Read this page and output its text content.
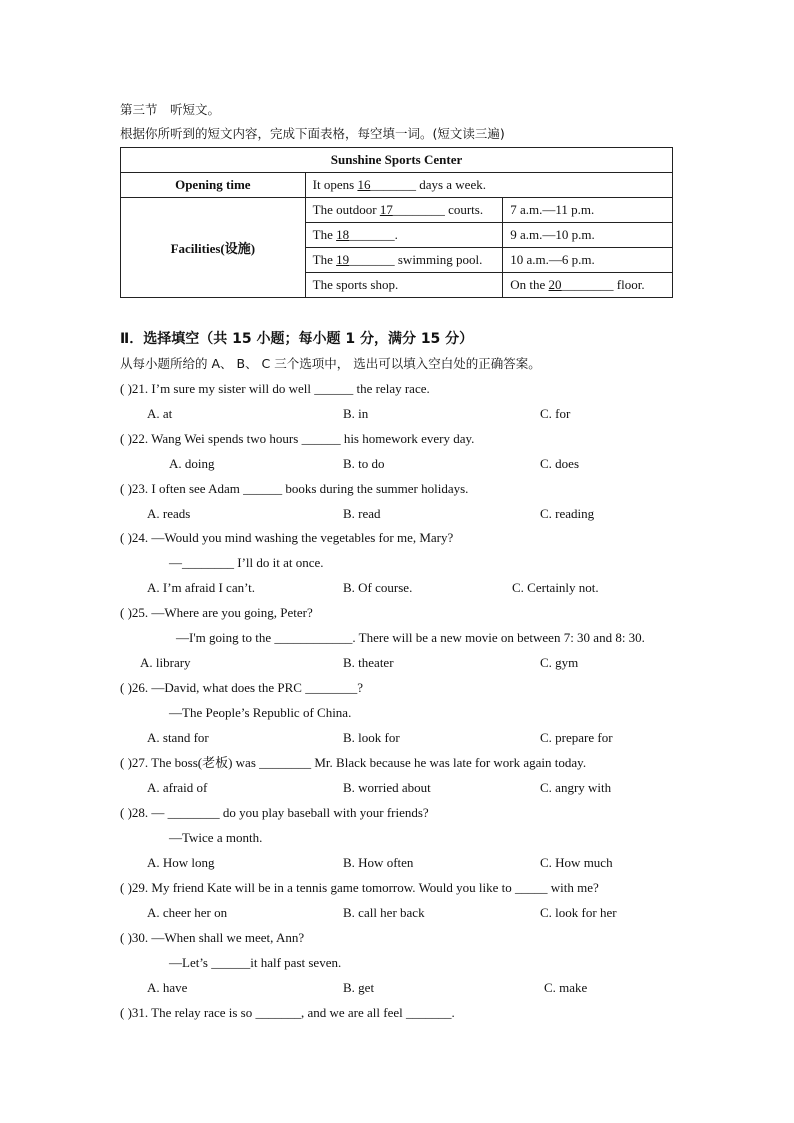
第三节　听短文。
根据你所听到的短文内容，完成下面表格，每空填一词。(短文读三遍)
Sunshine Sports Center		
Opening time	It opens 16_______ days a week.	
Facilities(设施)	The outdoor 17________ courts.	7 a.m.—11 p.m.
	The 18_______.	9 a.m.—10 p.m.
	The 19_______ swimming pool.	10 a.m.—6 p.m.
	The sports shop.	On the 20________ floor.
Ⅱ．选择填空（共 15 小题；每小题 1 分，满分 15 分）
从每小题所给的 A、 B、 C 三个选项中， 选出可以填入空白处的正确答案。
( )21. I’m sure my sister will do well ______ the relay race.
A. at	B. in	C. for
( )22. Wang Wei spends two hours ______ his homework every day.
A. doing	B. to do	C. does
( )23. I often see Adam ______ books during the summer holidays.
A. reads	B. read	C. reading
( )24. —Would you mind washing the vegetables for me, Mary?
—________ I’ll do it at once.
A. I’m afraid I can’t.	B. Of course.	C. Certainly not.
( )25. —Where are you going, Peter?
—I'm going to the ____________. There will be a new movie on between 7: 30 and 8: 30.
A. library	B. theater	C. gym
( )26. —David, what does the PRC ________?
—The People’s Republic of China.
A. stand for	B. look for	C. prepare for
( )27. The boss(老板) was ________ Mr. Black because he was late for work again today.
A. afraid of	B. worried about	C. angry with
( )28. — ________ do you play baseball with your friends?
—Twice a month.
A. How long	B. How often	C. How much
( )29. My friend Kate will be in a tennis game tomorrow. Would you like to _____ with me?
A. cheer her on	B. call her back	C. look for her
( )30. —When shall we meet, Ann?
—Let’s ______it half past seven.
A. have	B. get	C. make
( )31. The relay race is so _______, and we are all feel _______.
